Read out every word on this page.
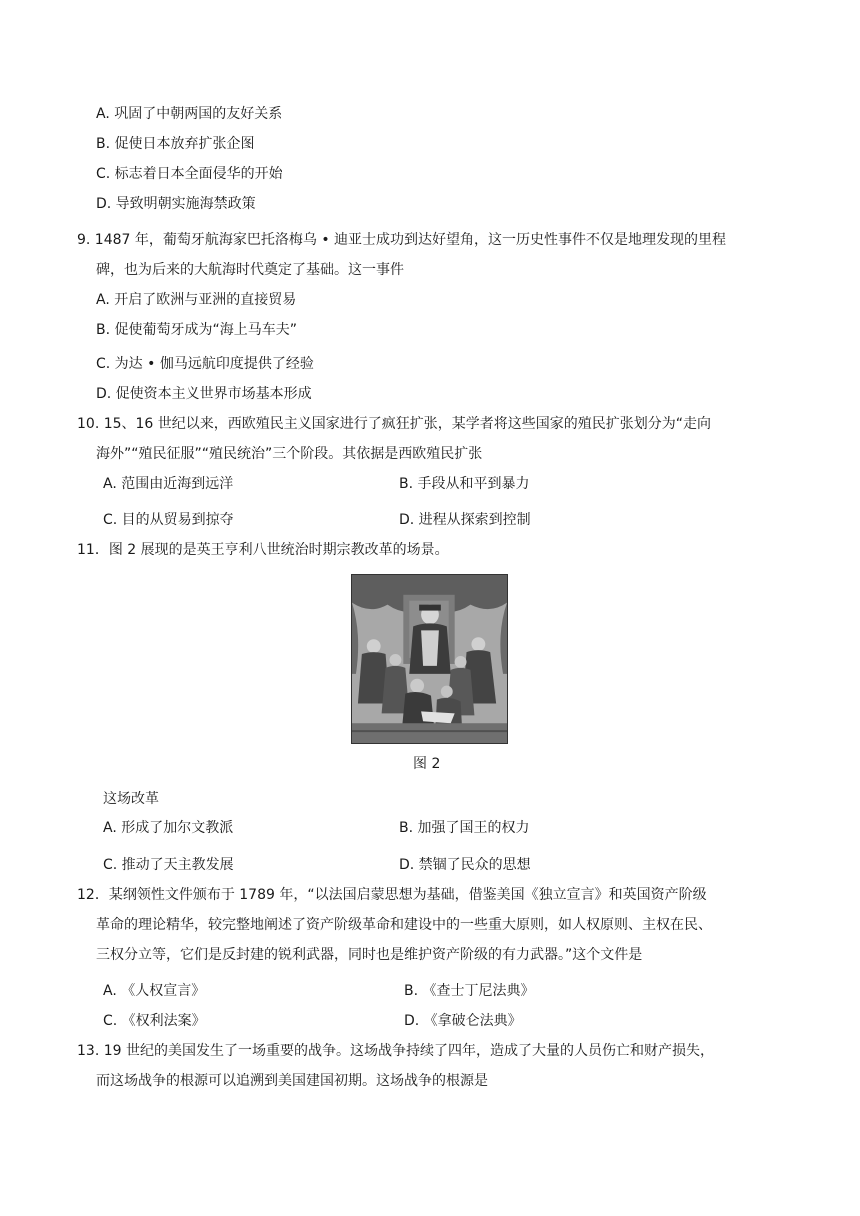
A. 巩固了中朝两国的友好关系
B. 促使日本放弃扩张企图
C. 标志着日本全面侵华的开始
D. 导致明朝实施海禁政策
9. 1487 年，葡萄牙航海家巴托洛梅乌 • 迪亚士成功到达好望角，这一历史性事件不仅是地理发现的里程
碑，也为后来的大航海时代奠定了基础。这一事件
A. 开启了欧洲与亚洲的直接贸易
B. 促使葡萄牙成为“海上马车夫”
C. 为达 • 伽马远航印度提供了经验
D. 促使资本主义世界市场基本形成
10. 15、16 世纪以来，西欧殖民主义国家进行了疯狂扩张，某学者将这些国家的殖民扩张划分为“走向
海外”“殖民征服”“殖民统治”三个阶段。其依据是西欧殖民扩张
A. 范围由近海到远洋	B. 手段从和平到暴力
C. 目的从贸易到掠夺	D. 进程从探索到控制
11．图 2 展现的是英王亨利八世统治时期宗教改革的场景。
图 2
这场改革
A. 形成了加尔文教派	B. 加强了国王的权力
C. 推动了天主教发展	D. 禁锢了民众的思想
12．某纲领性文件颁布于 1789 年，“以法国启蒙思想为基础，借鉴美国《独立宣言》和英国资产阶级
革命的理论精华，较完整地阐述了资产阶级革命和建设中的一些重大原则，如人权原则、主权在民、
三权分立等，它们是反封建的锐利武器，同时也是维护资产阶级的有力武器。”这个文件是
A. 《人权宣言》	B. 《查士丁尼法典》
C. 《权利法案》	D. 《拿破仑法典》
13. 19 世纪的美国发生了一场重要的战争。这场战争持续了四年，造成了大量的人员伤亡和财产损失，
而这场战争的根源可以追溯到美国建国初期。这场战争的根源是
